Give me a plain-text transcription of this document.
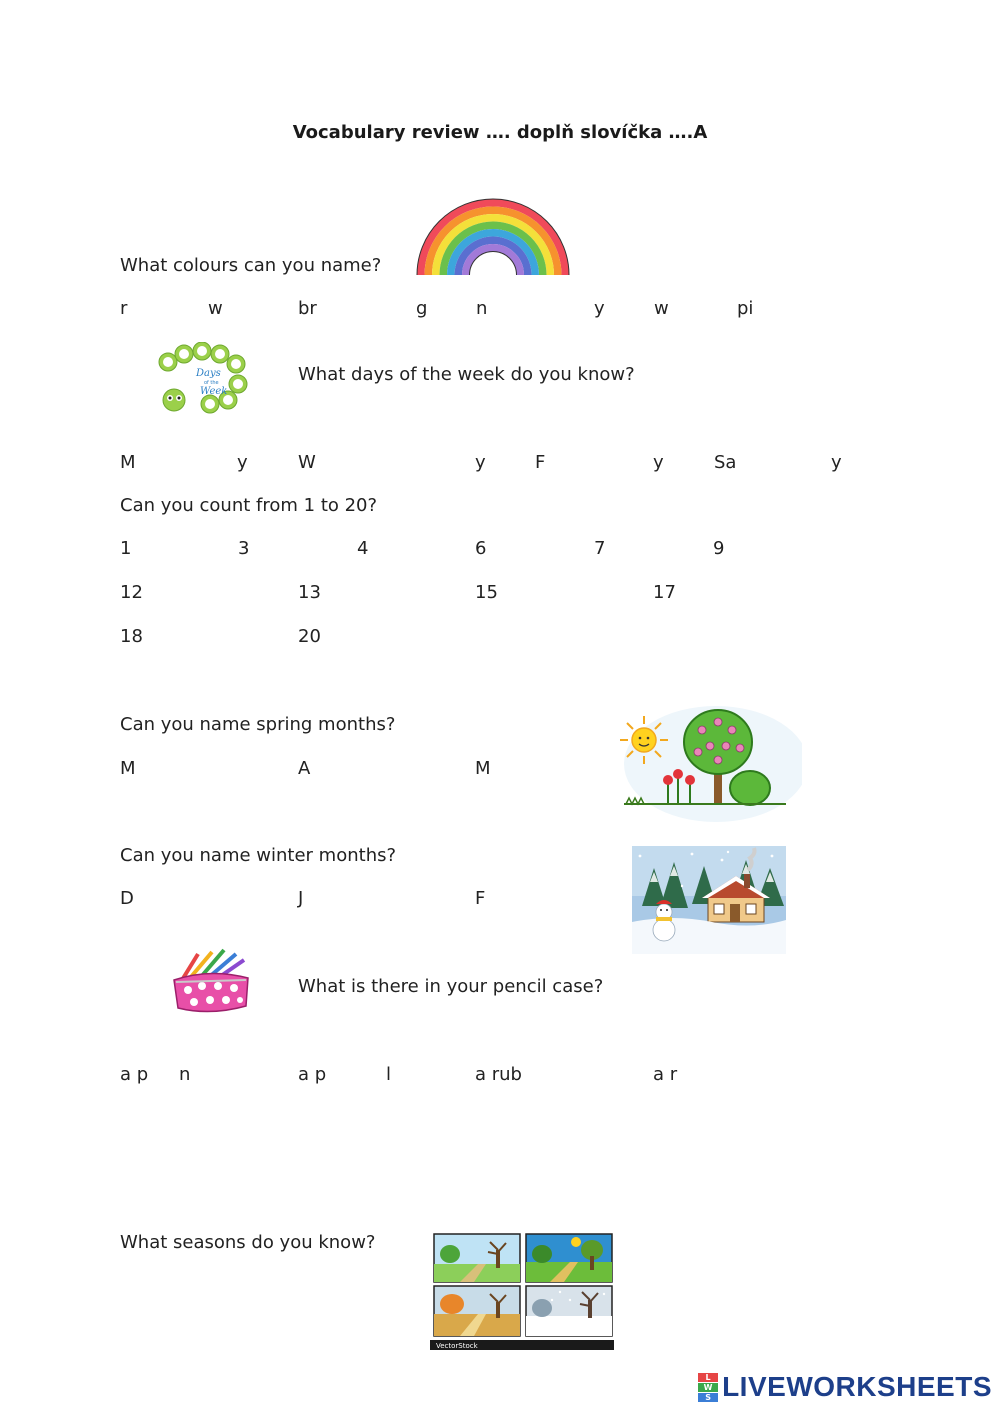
Vocabulary review …. doplň slovíčka ….A
What colours can you name?
r	w	br	g	n	y	w	pi
Days
of the
Week
What days of the week do you know?
M	y	W	y	F	y	Sa	y
Can you count from 1 to 20?
1	3	4	6	7	9
12	13	15	17
18	20
Can you name spring months?
M	A	M
Can you name winter months?
D	J	F
What is there in your pencil case?
a p n	a p	l	a rub	a r
What seasons do you know?
VectorStock
L
W
S LIVEWORKSHEETS
